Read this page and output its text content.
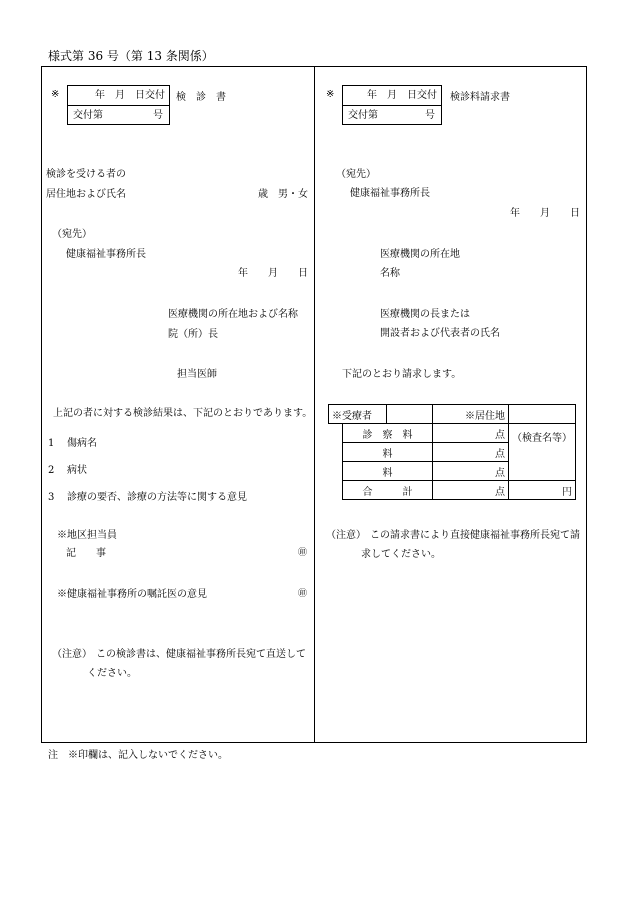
様式第 36 号（第 13 条関係）
※	年　月　日交付
交付第	号
検　診　書
検診を受ける者の
居住地および氏名	歳　男・女
（宛先）
健康福祉事務所長
年　　月　　日
医療機関の所在地および名称
院（所）長
担当医師
上記の者に対する検診結果は、下記のとおりであります。
1 傷病名
2 病状
3 診療の要否、診療の方法等に関する意見
※地区担当員
記　　事	㊞
※健康福祉事務所の嘱託医の意見	㊞
（注意） この検診書は、健康福祉事務所長宛て直送して
ください。
※	年　月　日交付
交付第	号
検診料請求書
（宛先）
健康福祉事務所長
年　　月　　日
医療機関の所在地
名称
医療機関の長または
開設者および代表者の氏名
下記のとおり請求します。
※受療者			※居住地	
	診　察　料		点	（検査名等）
	料		点	
	料		点	
	合　　　計		点	円
（注意） この請求書により直接健康福祉事務所長宛て請
求してください。
注　※印欄は、記入しないでください。
